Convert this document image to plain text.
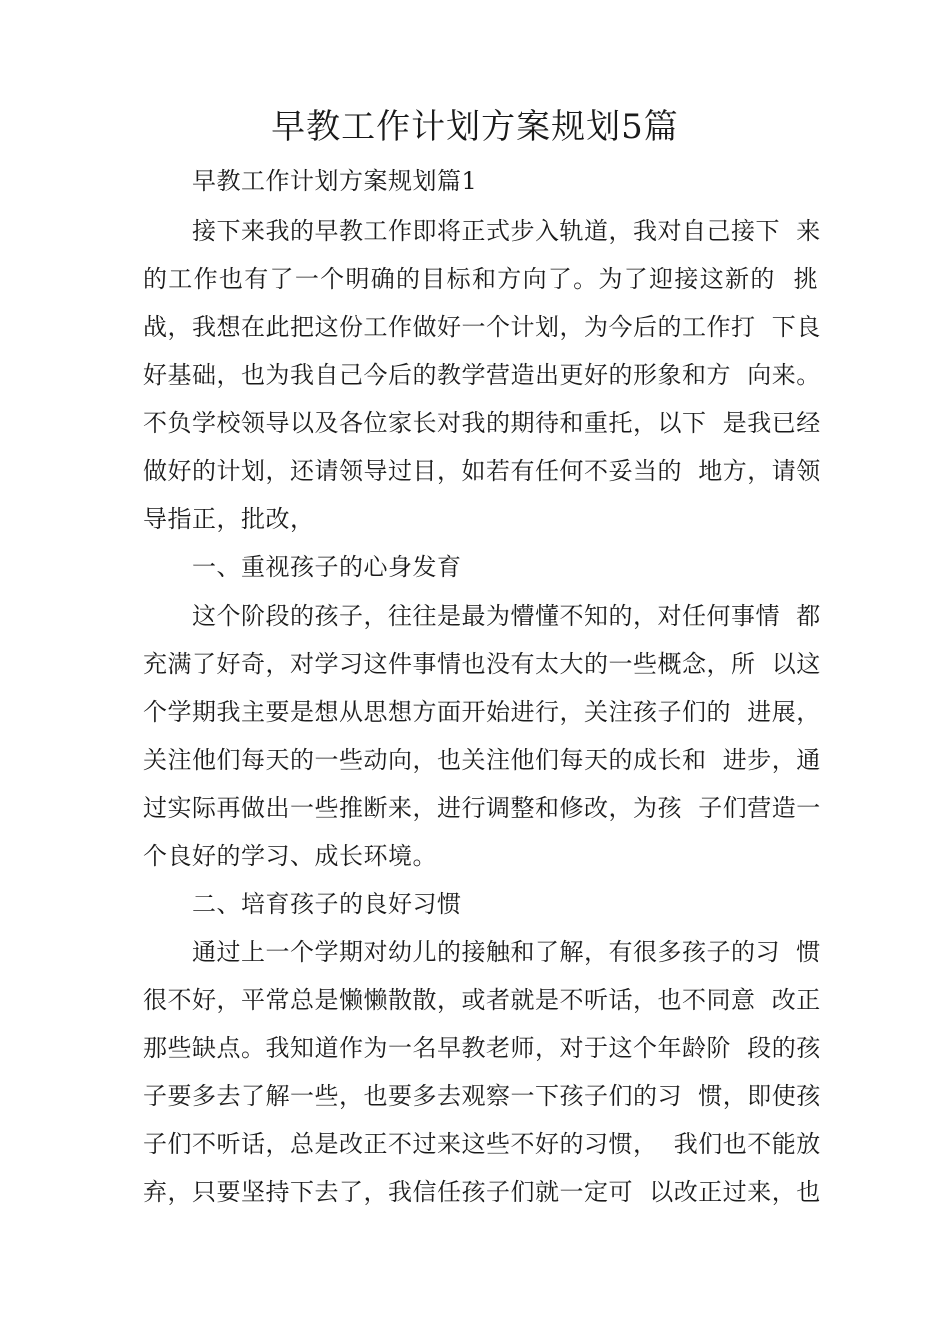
早教工作计划方案规划5篇
早教工作计划方案规划篇1
接下来我的早教工作即将正式步入轨道，我对自己接下  来
的工作也有了一个明确的目标和方向了。为了迎接这新的  挑
战，我想在此把这份工作做好一个计划，为今后的工作打  下良
好基础，也为我自己今后的教学营造出更好的形象和方  向来。
不负学校领导以及各位家长对我的期待和重托，以下  是我已经
做好的计划，还请领导过目，如若有任何不妥当的  地方，请领
导指正，批改，
一、重视孩子的心身发育
这个阶段的孩子，往往是最为懵懂不知的，对任何事情  都
充满了好奇，对学习这件事情也没有太大的一些概念，所  以这
个学期我主要是想从思想方面开始进行，关注孩子们的  进展，
关注他们每天的一些动向，也关注他们每天的成长和  进步，通
过实际再做出一些推断来，进行调整和修改，为孩  子们营造一
个良好的学习、成长环境。
二、培育孩子的良好习惯
通过上一个学期对幼儿的接触和了解，有很多孩子的习  惯
很不好，平常总是懒懒散散，或者就是不听话，也不同意  改正
那些缺点。我知道作为一名早教老师，对于这个年龄阶  段的孩
子要多去了解一些，也要多去观察一下孩子们的习  惯，即使孩
子们不听话，总是改正不过来这些不好的习惯，  我们也不能放
弃，只要坚持下去了，我信任孩子们就一定可  以改正过来，也
